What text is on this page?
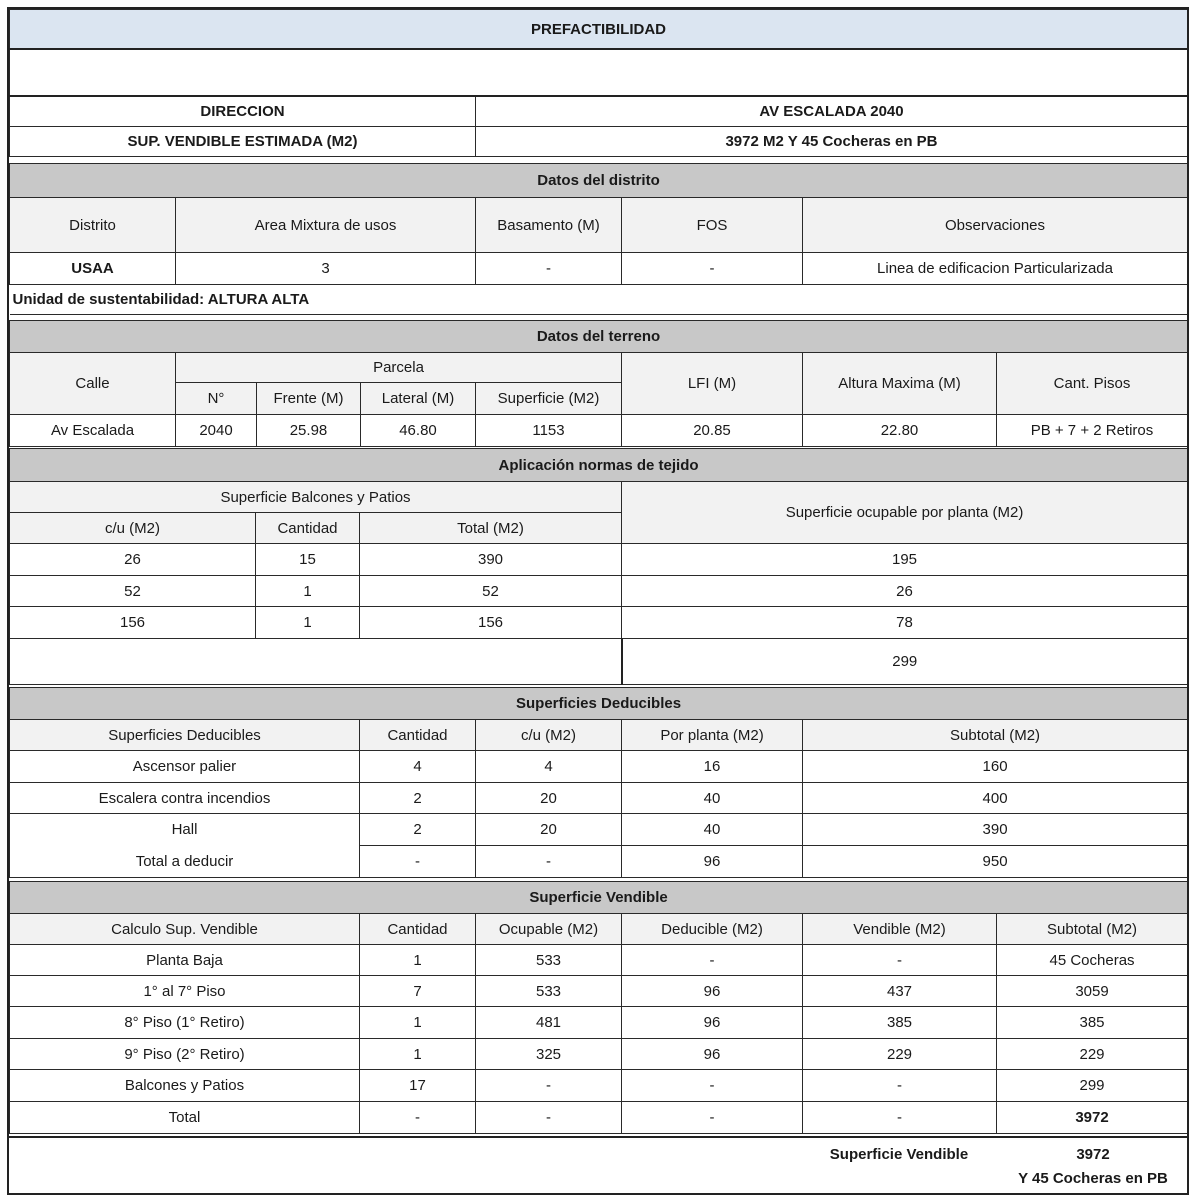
PREFACTIBILIDAD	

DIRECCION	AV ESCALADA 2040
SUP. VENDIBLE ESTIMADA (M2)	3972 M2 Y 45 Cocheras en PB
Datos del distrito				
Distrito	Area Mixtura de usos	Basamento (M)	FOS	Observaciones
USAA	3	-	-	Linea de edificacion Particularizada
Unidad de sustentabilidad: ALTURA ALTA				
Datos del terreno							
Calle	Parcela				LFI (M)	Altura Maxima (M)	Cant. Pisos
	N°	Frente (M)	Lateral (M)	Superficie (M2)			
Av Escalada	2040	25.98	46.80	1153	20.85	22.80	PB + 7 + 2 Retiros
Aplicación normas de tejido			
Superficie Balcones y Patios			Superficie ocupable por planta (M2)
c/u (M2)	Cantidad	Total (M2)	
26	15	390	195
52	1	52	26
156	1	156	78
			299
Superficies Deducibles				
Superficies Deducibles	Cantidad	c/u (M2)	Por planta (M2)	Subtotal (M2)
Ascensor palier	4	4	16	160
Escalera contra incendios	2	20	40	400
Hall	2	20	40	390
Total a deducir	-	-	96	950
Superficie Vendible					
Calculo Sup. Vendible	Cantidad	Ocupable (M2)	Deducible (M2)	Vendible (M2)	Subtotal (M2)
Planta Baja	1	533	-	-	45 Cocheras
1° al 7° Piso	7	533	96	437	3059
8° Piso (1° Retiro)	1	481	96	385	385
9° Piso (2° Retiro)	1	325	96	229	229
Balcones y Patios	17	-	-	-	299
Total	-	-	-	-	3972
Superficie Vendible	3972
Y 45 Cocheras en PB
